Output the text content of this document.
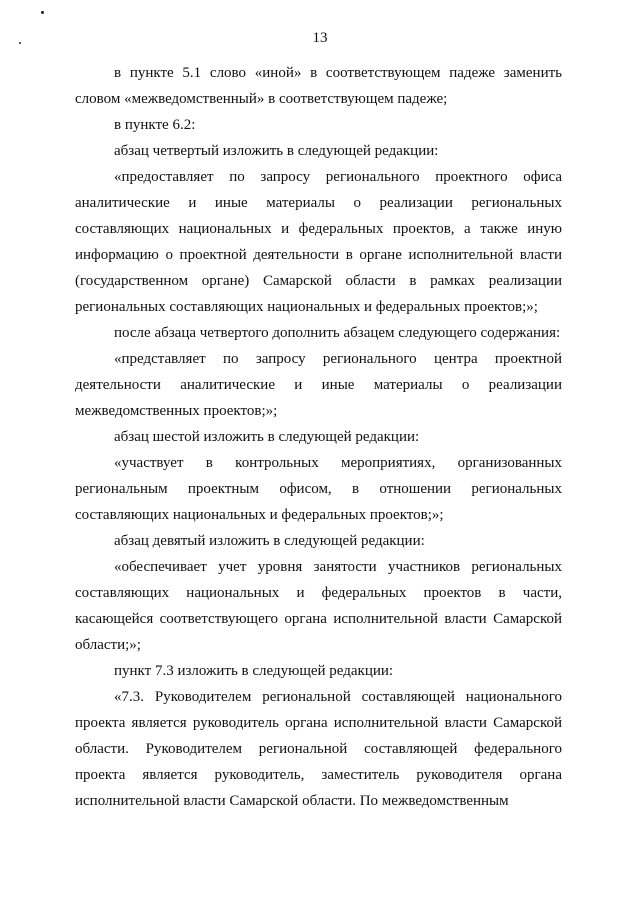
13

в пункте 5.1 слово «иной» в соответствующем падеже заменить словом «межведомственный» в соответствующем падеже;

в пункте 6.2:

абзац четвертый изложить в следующей редакции:

«предоставляет по запросу регионального проектного офиса аналитические и иные материалы о реализации региональных составляющих национальных и федеральных проектов, а также иную информацию о проектной деятельности в органе исполнительной власти (государственном органе) Самарской области в рамках реализации региональных составляющих национальных и федеральных проектов;»;

после абзаца четвертого дополнить абзацем следующего содержания:

«представляет по запросу регионального центра проектной деятельности аналитические и иные материалы о реализации межведомственных проектов;»;

абзац шестой изложить в следующей редакции:

«участвует в контрольных мероприятиях, организованных региональным проектным офисом, в отношении региональных составляющих национальных и федеральных проектов;»;

абзац девятый изложить в следующей редакции:

«обеспечивает учет уровня занятости участников региональных составляющих национальных и федеральных проектов в части, касающейся соответствующего органа исполнительной власти Самарской области;»;

пункт 7.3 изложить в следующей редакции:

«7.3. Руководителем региональной составляющей национального проекта является руководитель органа исполнительной власти Самарской области. Руководителем региональной составляющей федерального проекта является руководитель, заместитель руководителя органа исполнительной власти Самарской области. По межведомственным
